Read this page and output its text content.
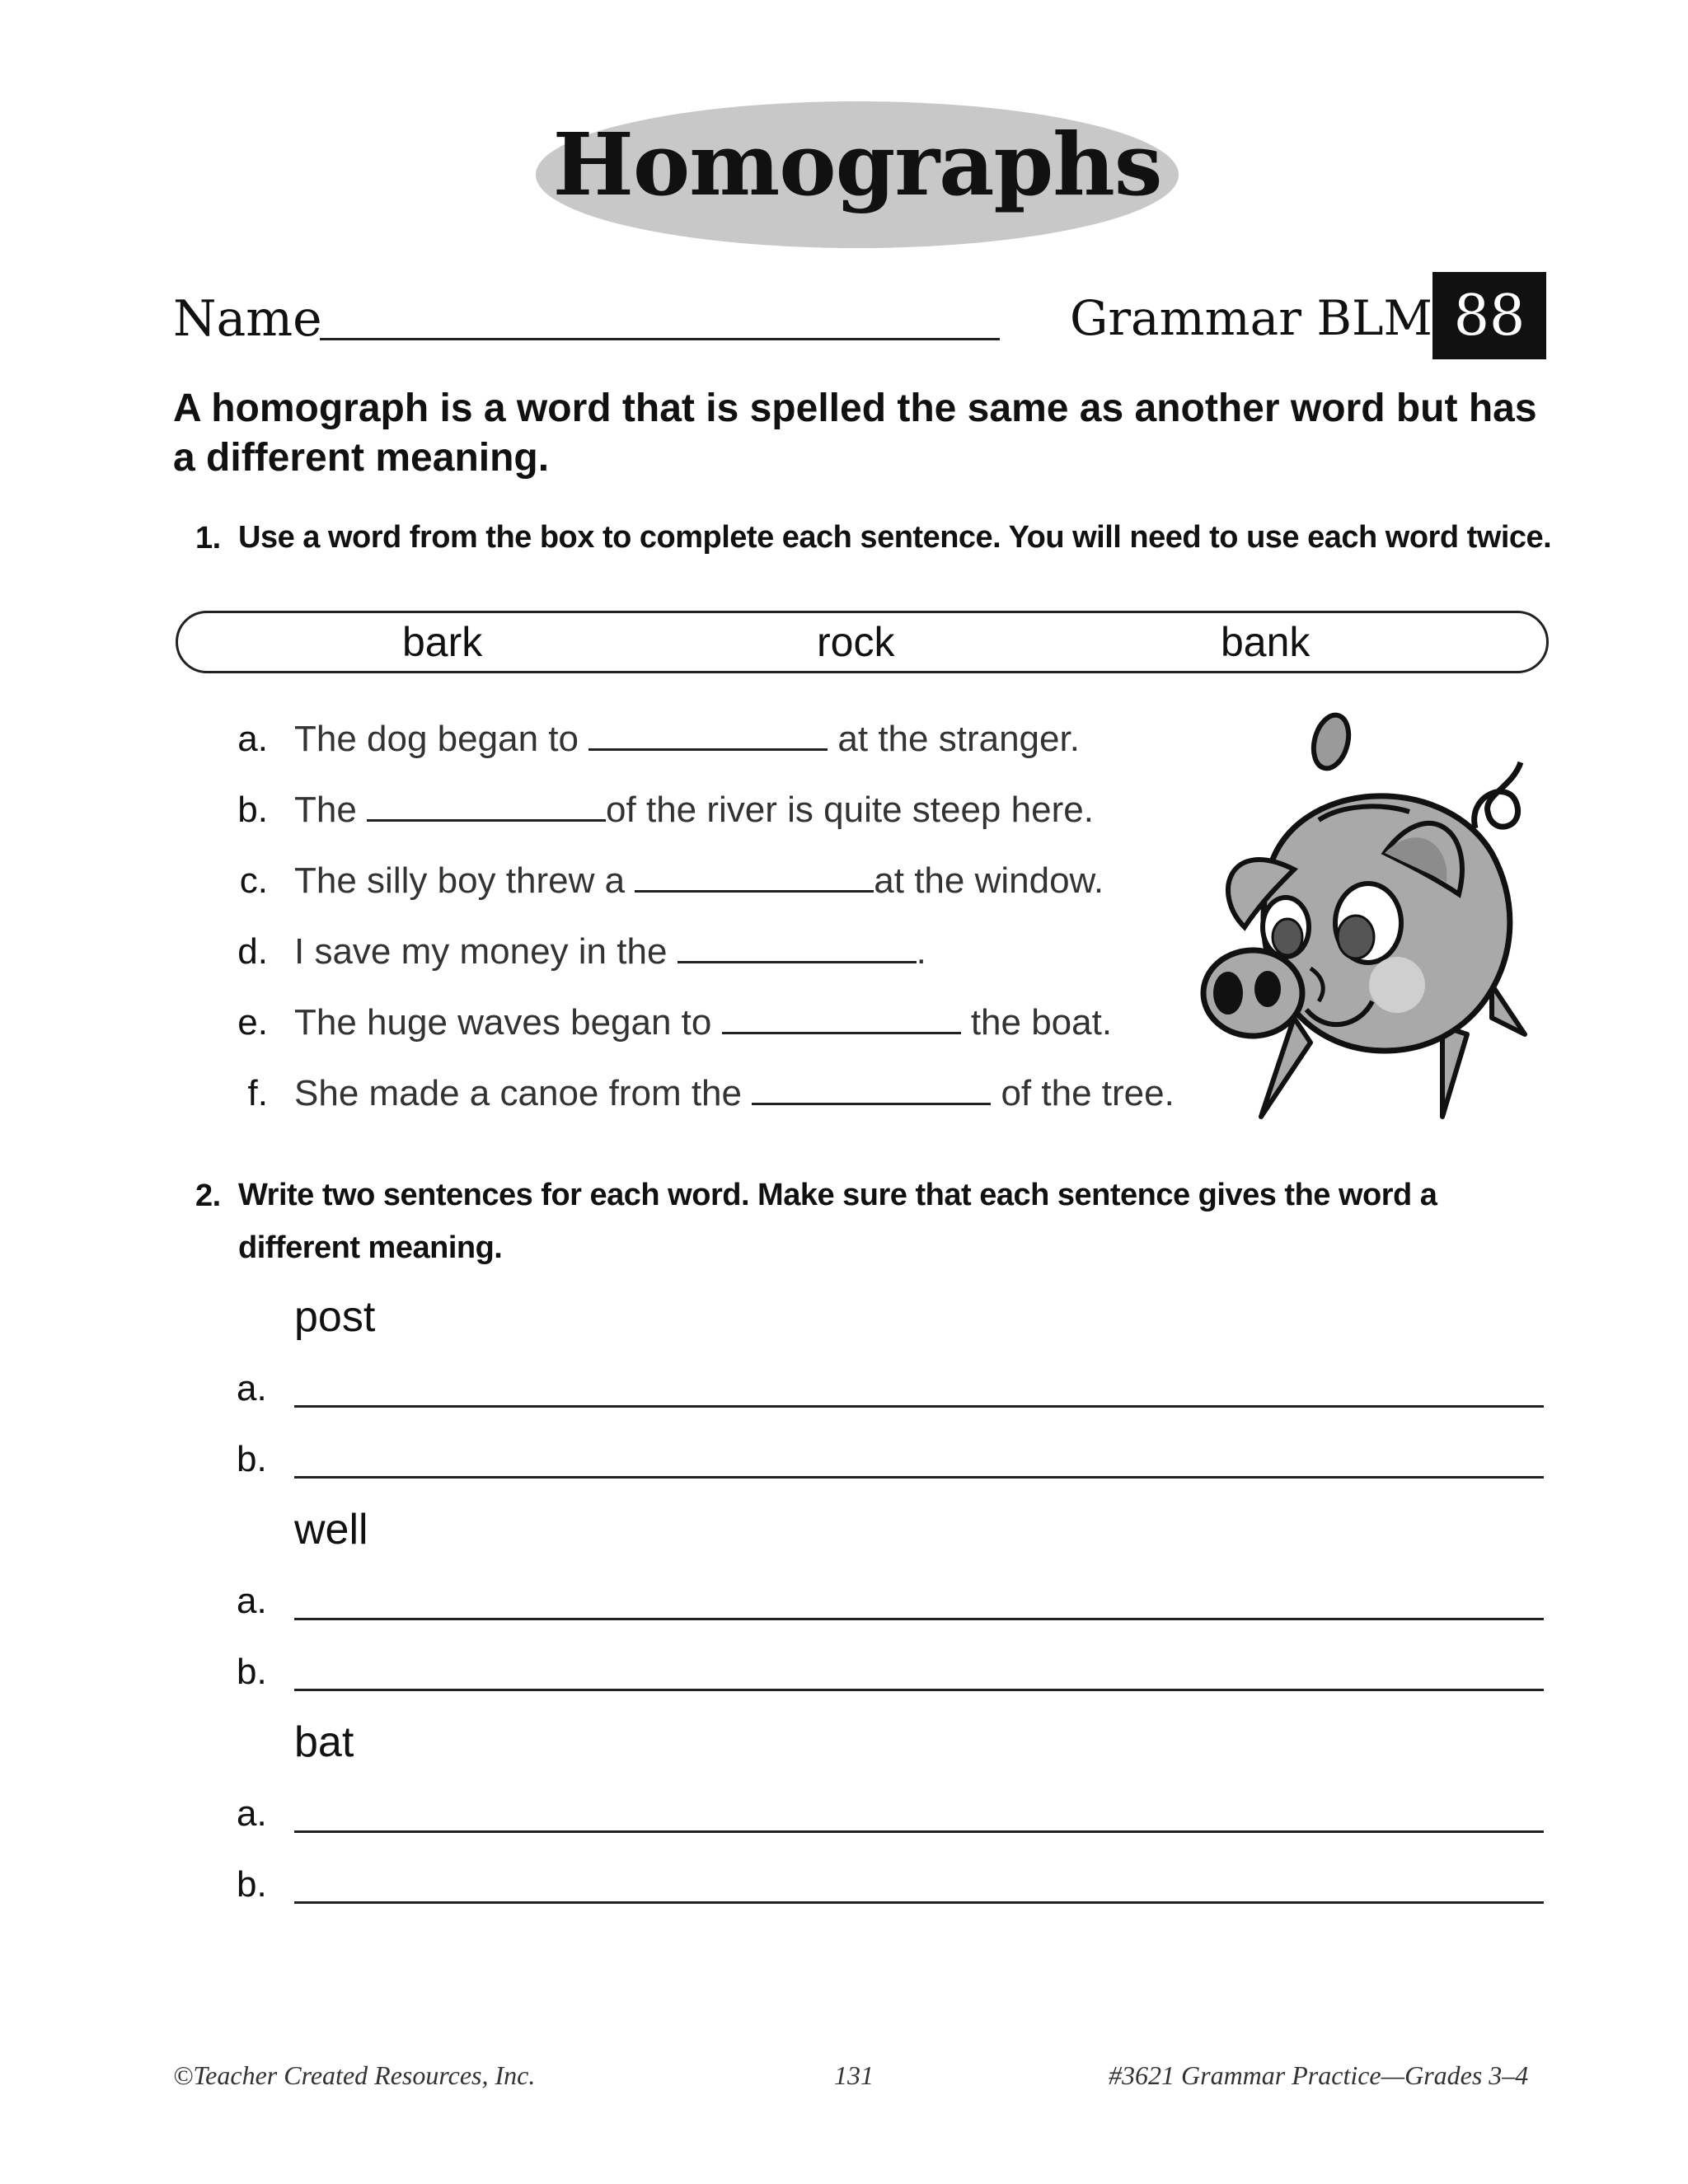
Homographs
Name	Grammar BLM 88
A homograph is a word that is spelled the same as another word but has a different meaning.
1. Use a word from the box to complete each sentence. You will need to use each word twice.
bark	rock	bank
a. The dog began to	at the stranger.
b. The	of the river is quite steep here.
c. The silly boy threw a	at the window.
d. I save my money in the	.
e. The huge waves began to	the boat.
f. She made a canoe from the	of the tree.
2. Write two sentences for each word. Make sure that each sentence gives the word a
different meaning.
post
a.
b.
well
a.
b.
bat
a.
b.
©Teacher Created Resources, Inc.	131	#3621 Grammar Practice—Grades 3–4
